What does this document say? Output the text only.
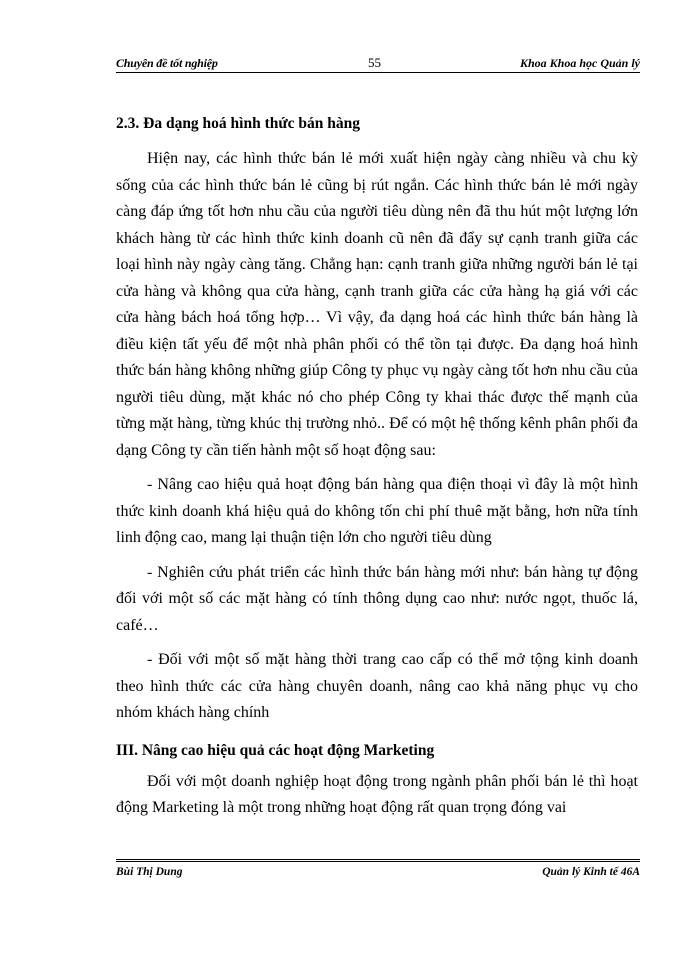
Chuyên đề tốt nghiệp	55	Khoa Khoa học Quản lý
2.3. Đa dạng hoá hình thức bán hàng

Hiện nay, các hình thức bán lẻ mới xuất hiện ngày càng nhiều và chu kỳ sống của các hình thức bán lẻ cũng bị rút ngắn. Các hình thức bán lẻ mới ngày càng đáp ứng tốt hơn nhu cầu của người tiêu dùng nên đã thu hút một lượng lớn khách hàng từ các hình thức kinh doanh cũ nên đã đẩy sự cạnh tranh giữa các loại hình này ngày càng tăng. Chẳng hạn: cạnh tranh giữa những người bán lẻ tại cửa hàng và không qua cửa hàng, cạnh tranh giữa các cửa hàng hạ giá với các cửa hàng bách hoá tổng hợp… Vì vậy, đa dạng hoá các hình thức bán hàng là điều kiện tất yếu để một nhà phân phối có thể tồn tại được. Đa dạng hoá hình thức bán hàng không những giúp Công ty phục vụ ngày càng tốt hơn nhu cầu của người tiêu dùng, mặt khác nó cho phép Công ty khai thác được thế mạnh của từng mặt hàng, từng khúc thị trường nhỏ.. Để có một hệ thống kênh phân phối đa dạng Công ty cần tiến hành một số hoạt động sau:

- Nâng cao hiệu quả hoạt động bán hàng qua điện thoại vì đây là một hình thức kinh doanh khá hiệu quả do không tốn chi phí thuê mặt bằng, hơn nữa tính linh động cao, mang lại thuận tiện lớn cho người tiêu dùng

- Nghiên cứu phát triển các hình thức bán hàng mới như: bán hàng tự động đối với một số các mặt hàng có tính thông dụng cao như: nước ngọt, thuốc lá, café…

- Đối với một số mặt hàng thời trang cao cấp có thể mở tộng kinh doanh theo hình thức các cửa hàng chuyên doanh, nâng cao khả năng phục vụ cho nhóm khách hàng chính

III. Nâng cao hiệu quả các hoạt động Marketing

Đối với một doanh nghiệp hoạt động trong ngành phân phối bán lẻ thì hoạt động Marketing là một trong những hoạt động rất quan trọng đóng vai

Bùi Thị Dung	Quản lý Kinh tế 46A
